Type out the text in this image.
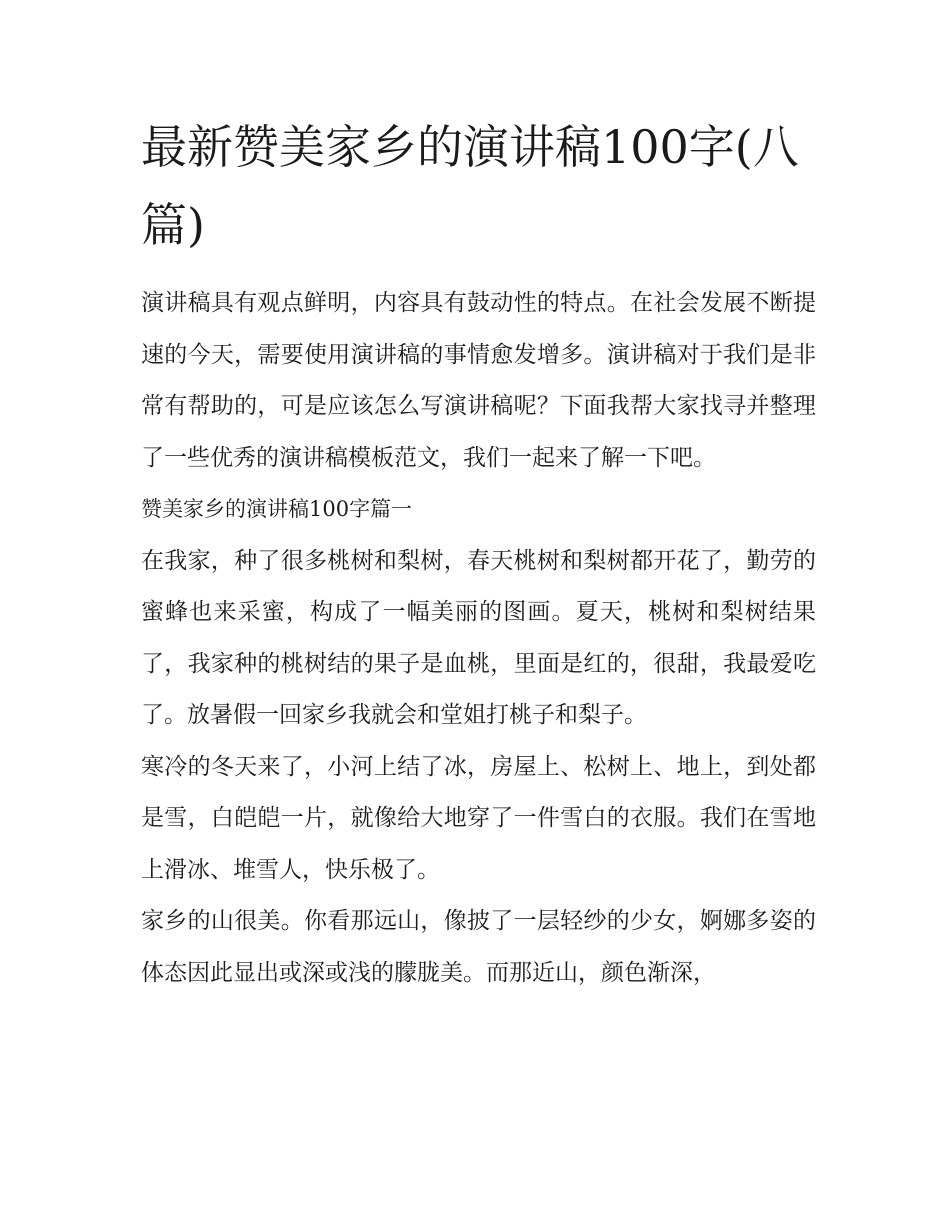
最新赞美家乡的演讲稿100字(八篇)

演讲稿具有观点鲜明，内容具有鼓动性的特点。在社会发展不断提速的今天，需要使用演讲稿的事情愈发增多。演讲稿对于我们是非常有帮助的，可是应该怎么写演讲稿呢？下面我帮大家找寻并整理了一些优秀的演讲稿模板范文，我们一起来了解一下吧。

赞美家乡的演讲稿100字篇一

在我家，种了很多桃树和梨树，春天桃树和梨树都开花了，勤劳的蜜蜂也来采蜜，构成了一幅美丽的图画。夏天，桃树和梨树结果了，我家种的桃树结的果子是血桃，里面是红的，很甜，我最爱吃了。放暑假一回家乡我就会和堂姐打桃子和梨子。

寒冷的冬天来了，小河上结了冰，房屋上、松树上、地上，到处都是雪，白皑皑一片，就像给大地穿了一件雪白的衣服。我们在雪地上滑冰、堆雪人，快乐极了。

家乡的山很美。你看那远山，像披了一层轻纱的少女，婀娜多姿的体态因此显出或深或浅的朦胧美。而那近山，颜色渐深，
